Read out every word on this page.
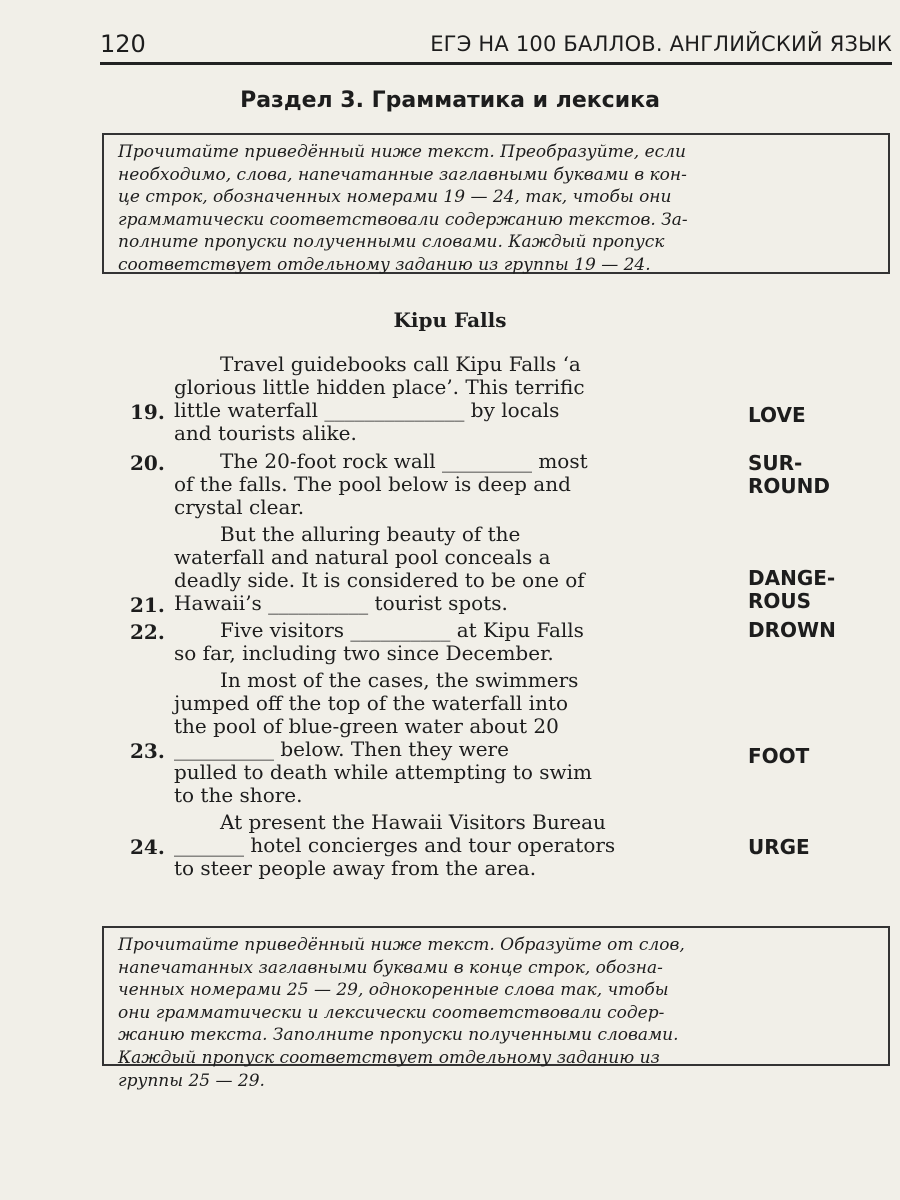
120	ЕГЭ НА 100 БАЛЛОВ. АНГЛИЙСКИЙ ЯЗЫК
Раздел 3. Грамматика и лексика
Прочитайте приведённый ниже текст. Преобразуйте, если
необходимо, слова, напечатанные заглавными буквами в кон-
це строк, обозначенных номерами 19 — 24, так, чтобы они
грамматически соответствовали содержанию текстов. За-
полните пропуски полученными словами. Каждый пропуск
соответствует отдельному заданию из группы 19 — 24.
Kipu Falls
Travel guidebooks call Kipu Falls ‘a
glorious little hidden place’. This terrific
little waterfall ______________ by locals
and tourists alike.
The 20-foot rock wall _________ most
of the falls. The pool below is deep and
crystal clear.
But the alluring beauty of the
waterfall and natural pool conceals a
deadly side. It is considered to be one of
Hawaii’s __________ tourist spots.
Five visitors __________ at Kipu Falls
so far, including two since December.
In most of the cases, the swimmers
jumped off the top of the waterfall into
the pool of blue-green water about 20
__________ below. Then they were
pulled to death while attempting to swim
to the shore.
At present the Hawaii Visitors Bureau
_______ hotel concierges and tour operators
to steer people away from the area.
19.
20.
21.
22.
23.
24.
LOVE
SUR-
ROUND
DANGE-
ROUS
DROWN
FOOT
URGE
Прочитайте приведённый ниже текст. Образуйте от слов,
напечатанных заглавными буквами в конце строк, обозна-
ченных номерами 25 — 29, однокоренные слова так, чтобы
они грамматически и лексически соответствовали содер-
жанию текста. Заполните пропуски полученными словами.
Каждый пропуск соответствует отдельному заданию из
группы 25 — 29.
